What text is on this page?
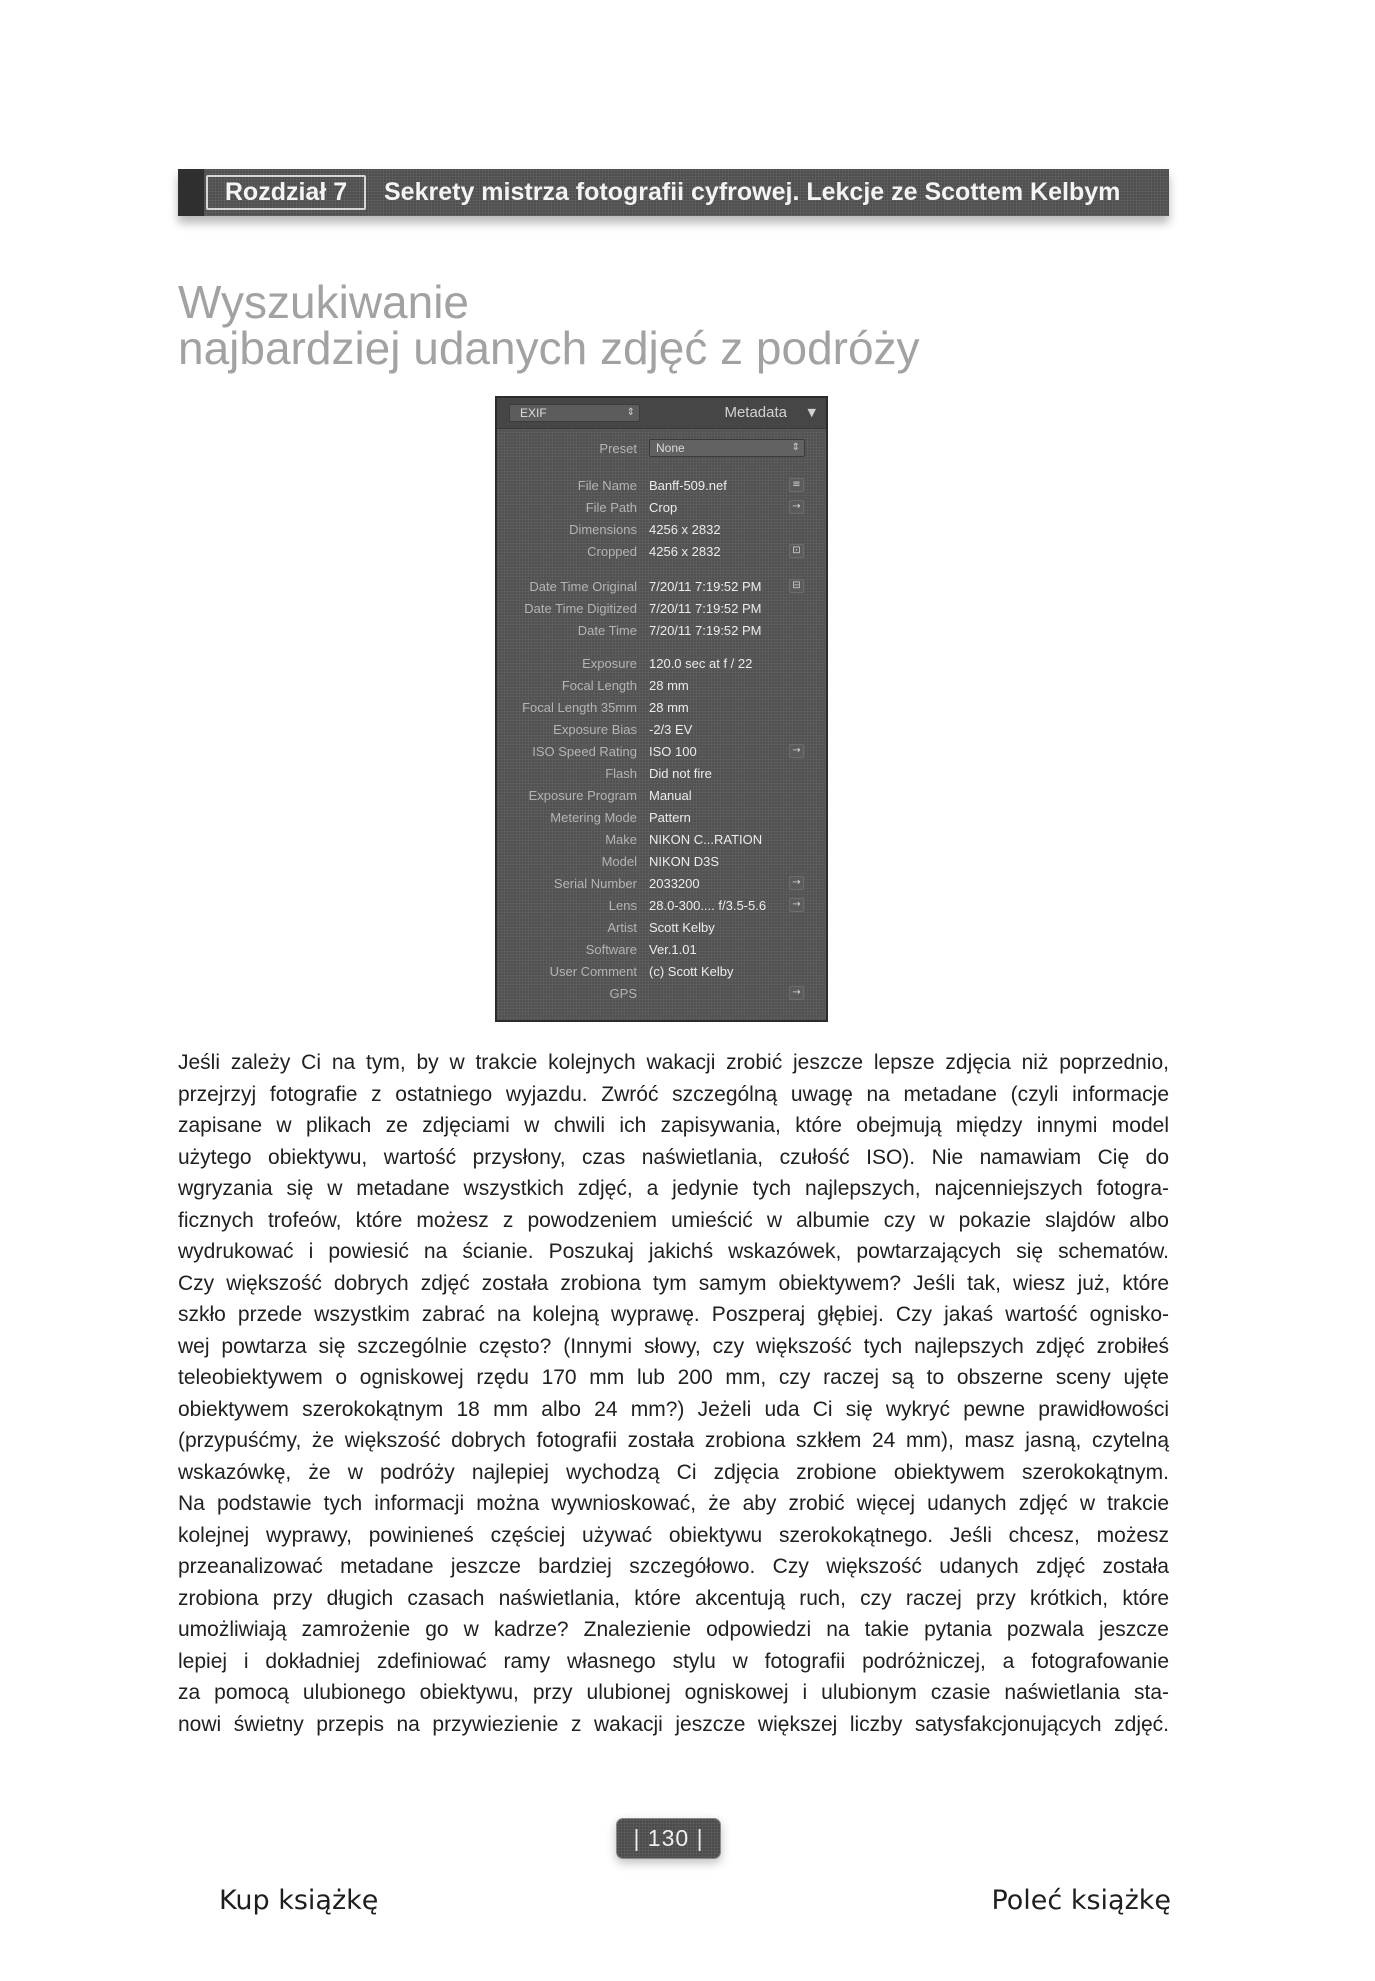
Rozdział 7	Sekrety mistrza fotografii cyfrowej. Lekcje ze Scottem Kelbym
Wyszukiwanie
najbardziej udanych zdjęć z podróży
EXIF	⇕	Metadata ▼
Preset	None	⇕
File Name Banff-509.nef	≡
File Path Crop	→
Dimensions 4256 x 2832
Cropped 4256 x 2832	⊡
Date Time Original 7/20/11 7:19:52 PM	⊟
Date Time Digitized 7/20/11 7:19:52 PM
Date Time 7/20/11 7:19:52 PM
Exposure 120.0 sec at f / 22
Focal Length 28 mm
Focal Length 35mm 28 mm
Exposure Bias -2/3 EV
ISO Speed Rating ISO 100	→
Flash Did not fire
Exposure Program Manual
Metering Mode Pattern
Make NIKON C...RATION
Model NIKON D3S
Serial Number 2033200	→
Lens 28.0-300.... f/3.5-5.6	→
Artist Scott Kelby
Software Ver.1.01
User Comment (c) Scott Kelby
GPS	→
Jeśli zależy Ci na tym, by w trakcie kolejnych wakacji zrobić jeszcze lepsze zdjęcia niż poprzednio,
przejrzyj fotografie z ostatniego wyjazdu. Zwróć szczególną uwagę na metadane (czyli informacje
zapisane w plikach ze zdjęciami w chwili ich zapisywania, które obejmują między innymi model
użytego obiektywu, wartość przysłony, czas naświetlania, czułość ISO). Nie namawiam Cię do
wgryzania się w metadane wszystkich zdjęć, a jedynie tych najlepszych, najcenniejszych fotogra-
ficznych trofeów, które możesz z powodzeniem umieścić w albumie czy w pokazie slajdów albo
wydrukować i powiesić na ścianie. Poszukaj jakichś wskazówek, powtarzających się schematów.
Czy większość dobrych zdjęć została zrobiona tym samym obiektywem? Jeśli tak, wiesz już, które
szkło przede wszystkim zabrać na kolejną wyprawę. Poszperaj głębiej. Czy jakaś wartość ognisko-
wej powtarza się szczególnie często? (Innymi słowy, czy większość tych najlepszych zdjęć zrobiłeś
teleobiektywem o ogniskowej rzędu 170 mm lub 200 mm, czy raczej są to obszerne sceny ujęte
obiektywem szerokokątnym 18 mm albo 24 mm?) Jeżeli uda Ci się wykryć pewne prawidłowości
(przypuśćmy, że większość dobrych fotografii została zrobiona szkłem 24 mm), masz jasną, czytelną
wskazówkę, że w podróży najlepiej wychodzą Ci zdjęcia zrobione obiektywem szerokokątnym.
Na podstawie tych informacji można wywnioskować, że aby zrobić więcej udanych zdjęć w trakcie
kolejnej wyprawy, powinieneś częściej używać obiektywu szerokokątnego. Jeśli chcesz, możesz
przeanalizować metadane jeszcze bardziej szczegółowo. Czy większość udanych zdjęć została
zrobiona przy długich czasach naświetlania, które akcentują ruch, czy raczej przy krótkich, które
umożliwiają zamrożenie go w kadrze? Znalezienie odpowiedzi na takie pytania pozwala jeszcze
lepiej i dokładniej zdefiniować ramy własnego stylu w fotografii podróżniczej, a fotografowanie
za pomocą ulubionego obiektywu, przy ulubionej ogniskowej i ulubionym czasie naświetlania sta-
nowi świetny przepis na przywiezienie z wakacji jeszcze większej liczby satysfakcjonujących zdjęć.
| 130 |
Kup książkę	Poleć książkę
